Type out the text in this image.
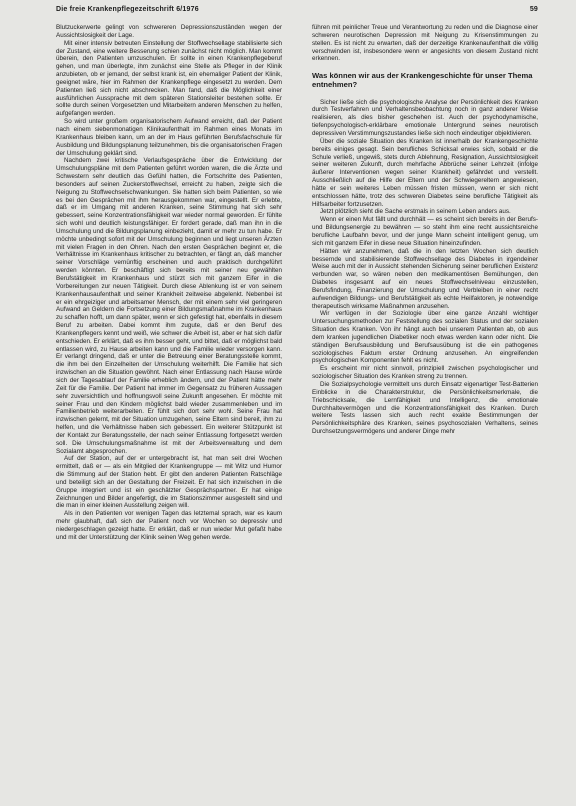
Die freie Krankenpflegezeitschrift 6/1976	59

Blutzuckerwerte gelingt von schwereren Depressionszuständen wegen der Aussichtslosigkeit der Lage.

Mit einer intensiv betreuten Einstellung der Stoffwechsellage stabilisierte sich der Zustand, eine weitere Besserung schien zunächst nicht möglich. Man kommt überein, den Patienten umzuschulen. Er sollte in einen Krankenpflegeberuf gehen, und man überlegte, ihm zunächst eine Stelle als Pfleger in der Klinik anzubieten, ob er jemand, der selbst krank ist, ein ehemaliger Patient der Klinik, geeignet wäre, hier im Rahmen der Krankenpflege eingesetzt zu werden. Dem Patienten ließ sich nicht abschrecken. Man fand, daß die Möglichkeit einer ausführlichen Aussprache mit dem späteren Stationsleiter bestehen sollte. Er sollte durch seinen Vorgesetzten und Mitarbeitern anderen Menschen zu helfen, aufgefangen werden.

So wird unter großem organisatorischem Aufwand erreicht, daß der Patient nach einem siebenmonatigen Klinikaufenthalt im Rahmen eines Monats im Krankenhaus bleiben kann, um an der im Haus geführten Berufsfachschule für Ausbildung und Bildungsplanung teilzunehmen, bis die organisatorischen Fragen der Umschulung geklärt sind.

Nachdem zwei kritische Verlaufsgespräche über die Entwicklung der Umschulungspläne mit dem Patienten geführt worden waren, die die Ärzte und Schwestern sehr deutlich das Gefühl hatten, die Fortschritte des Patienten, besonders auf seinen Zuckerstoffwechsel, erreicht zu haben, zeigte sich die Neigung zu Stoffwechselschwankungen. Sie hatten sich beim Patienten, so wie es bei den Gesprächen mit ihm herausgekommen war, eingestellt. Er erlebte, daß er im Umgang mit anderen Kranken, seine Stimmung hat sich sehr gebessert, seine Konzentrationsfähigkeit war wieder normal geworden. Er fühlte sich wohl und deutlich leistungsfähiger. Er fordert gerade, daß man ihn in die Umschulung und die Bildungsplanung einbezieht, damit er mehr zu tun habe. Er möchte unbedingt sofort mit der Umschulung beginnen und liegt unseren Ärzten mit vielen Fragen in den Ohren. Nach den ersten Gesprächen beginnt er, die Verhältnisse im Krankenhaus kritischer zu betrachten, er fängt an, daß mancher seiner Vorschläge vernünftig erscheinen und auch praktisch durchgeführt werden könnten. Er beschäftigt sich bereits mit seiner neu gewählten Berufstätigkeit im Krankenhaus und stürzt sich mit ganzem Eifer in die Vorbereitungen zur neuen Tätigkeit. Durch diese Ablenkung ist er von seinem Krankenhausaufenthalt und seiner Krankheit zeitweise abgelenkt. Nebenbei ist er ein ehrgeiziger und arbeitsamer Mensch, der mit einem sehr viel geringeren Aufwand an Geldern die Fortsetzung einer Bildungsmaßnahme im Krankenhaus zu schaffen hofft, um dann später, wenn er sich gefestigt hat, ebenfalls in diesem Beruf zu arbeiten. Dabei kommt ihm zugute, daß er den Beruf des Krankenpflegers kennt und weiß, wie schwer die Arbeit ist, aber er hat sich dafür entschieden. Er erklärt, daß es ihm besser geht, und bittet, daß er möglichst bald entlassen wird, zu Hause arbeiten kann und die Familie wieder versorgen kann. Er verlangt dringend, daß er unter die Betreuung einer Beratungsstelle kommt, die ihm bei den Einzelheiten der Umschulung weiterhilft. Die Familie hat sich inzwischen an die Situation gewöhnt. Nach einer Entlassung nach Hause würde sich der Tagesablauf der Familie erheblich ändern, und der Patient hätte mehr Zeit für die Familie. Der Patient hat immer im Gegensatz zu früheren Aussagen sehr zuversichtlich und hoffnungsvoll seine Zukunft angesehen. Er möchte mit seiner Frau und den Kindern möglichst bald wieder zusammenleben und im Familienbetrieb weiterarbeiten. Er fühlt sich dort sehr wohl. Seine Frau hat inzwischen gelernt, mit der Situation umzugehen, seine Eltern sind bereit, ihm zu helfen, und die Verhältnisse haben sich gebessert. Ein weiterer Stützpunkt ist der Kontakt zur Beratungsstelle, der nach seiner Entlassung fortgesetzt werden soll. Die Umschulungsmaßnahme ist mit der Arbeitsverwaltung und dem Sozialamt abgesprochen.

Auf der Station, auf der er untergebracht ist, hat man seit drei Wochen ermittelt, daß er — als ein Mitglied der Krankengruppe — mit Witz und Humor die Stimmung auf der Station hebt. Er gibt den anderen Patienten Ratschläge und beteiligt sich an der Gestaltung der Freizeit. Er hat sich inzwischen in die Gruppe integriert und ist ein geschätzter Gesprächspartner. Er hat einige Zeichnungen und Bilder angefertigt, die im Stationszimmer ausgestellt sind und die man in einer kleinen Ausstellung zeigen will.

Als in den Patienten vor wenigen Tagen das letztemal sprach, war es kaum mehr glaubhaft, daß sich der Patient noch vor Wochen so depressiv und niedergeschlagen gezeigt hatte. Er erklärt, daß er nun wieder Mut gefaßt habe und mit der Unterstützung der Klinik seinen Weg gehen werde.

führen mit peinlicher Treue und Verantwortung zu reden und die Diagnose einer schweren neurotischen Depression mit Neigung zu Krisenstimmungen zu stellen. Es ist nicht zu erwarten, daß der derzeitige Krankenaufenthalt die völlig verschwinden ist, insbesondere wenn er angesichts von diesem Zustand nicht erkennen.

Was können wir aus der Krankengeschichte für unser Thema entnehmen?

Sicher ließe sich die psychologische Analyse der Persönlichkeit des Kranken durch Testverfahren und Verhaltensbeobachtung noch in ganz anderer Weise realisieren, als dies bisher geschehen ist. Auch der psychodynamische, tiefenpsychologisch-erklärbare emotionale Untergrund seines neurotisch depressiven Verstimmungszustandes ließe sich noch eindeutiger objektivieren.

Über die soziale Situation des Kranken ist innerhalb der Krankengeschichte bereits einiges gesagt. Sein berufliches Schicksal erwies sich, sobald er die Schule verließ, ungewiß, stets durch Ablehnung, Resignation, Aussichtslosigkeit seiner weiteren Zukunft, durch mehrfache Abbrüche seiner Lehrzeit (infolge äußerer Interventionen wegen seiner Krankheit) gefährdet und verstellt. Ausschließlich auf die Hilfe der Eltern und der Schwiegereltern angewiesen, hätte er sein weiteres Leben müssen fristen müssen, wenn er sich nicht entschlossen hätte, trotz des schweren Diabetes seine berufliche Tätigkeit als Hilfsarbeiter fortzusetzen.

Jetzt plötzlich sieht die Sache erstmals in seinem Leben anders aus.

Wenn er einen Mut fällt und durchhält — es scheint sich bereits in der Berufs- und Bildungsenergie zu bewähren — so steht ihm eine recht aussichtsreiche berufliche Laufbahn bevor, und der junge Mann scheint intelligent genug, um sich mit ganzem Eifer in diese neue Situation hineinzufinden.

Hätten wir anzunehmen, daß die in den letzten Wochen sich deutlich bessernde und stabilisierende Stoffwechsellage des Diabetes in irgendeiner Weise auch mit der in Aussicht stehenden Sicherung seiner beruflichen Existenz verbunden war, so wären neben den medikamentösen Bemühungen, den Diabetes insgesamt auf ein neues Stoffwechselniveau einzustellen, Berufsfindung, Finanzierung der Umschulung und Verbleiben in einer recht aufwendigen Bildungs- und Berufstätigkeit als echte Heilfaktoren, je notwendige therapeutisch wirksame Maßnahmen anzusehen.

Wir verfügen in der Soziologie über eine ganze Anzahl wichtiger Untersuchungsmethoden zur Feststellung des sozialen Status und der sozialen Situation des Kranken. Von ihr hängt auch bei unserem Patienten ab, ob aus dem kranken jugendlichen Diabetiker noch etwas werden kann oder nicht. Die ständigen Berufsausbildung und Berufsausübung ist die ein pathogenes soziologisches Faktum erster Ordnung anzusehen. An eingreifenden psychologischen Komponenten fehlt es nicht.

Es erscheint mir nicht sinnvoll, prinzipiell zwischen psychologischer und soziologischer Situation des Kranken streng zu trennen.

Die Sozialpsychologie vermittelt uns durch Einsatz eigenartiger Test-Batterien Einblicke in die Charakterstruktur, die Persönlichkeitsmerkmale, die Triebschicksale, die Lernfähigkeit und Intelligenz, die emotionale Durchhaltevermögen und die Konzentrationsfähigkeit des Kranken. Durch weitere Tests lassen sich auch recht exakte Bestimmungen der Persönlichkeitsphäre des Kranken, seines psychosozialen Verhaltens, seines Durchsetzungsvermögens und anderer Dinge mehr
